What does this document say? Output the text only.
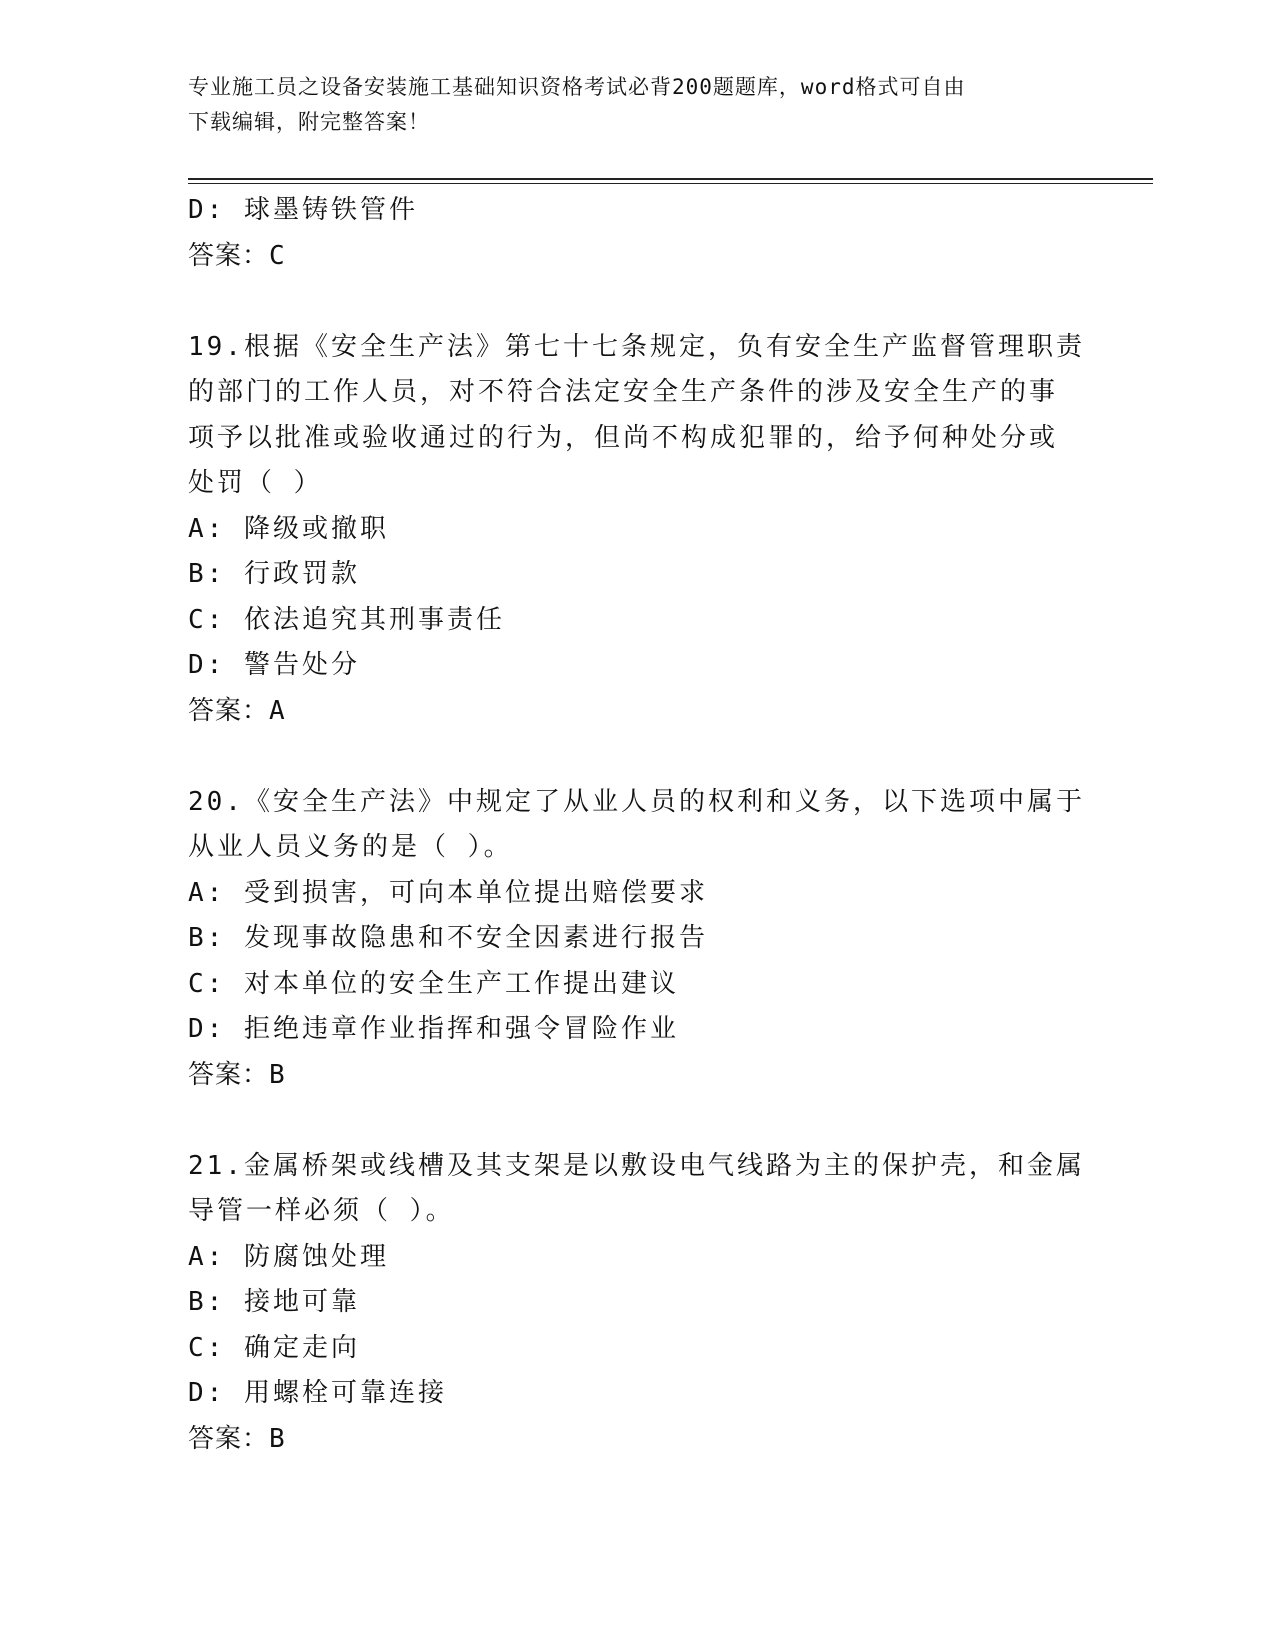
专业施工员之设备安装施工基础知识资格考试必背200题题库，word格式可自由
下载编辑，附完整答案！
D: 球墨铸铁管件
答案：C
19.根据《安全生产法》第七十七条规定，负有安全生产监督管理职责
的部门的工作人员，对不符合法定安全生产条件的涉及安全生产的事
项予以批准或验收通过的行为，但尚不构成犯罪的，给予何种处分或
处罚（ ）
A: 降级或撤职
B: 行政罚款
C: 依法追究其刑事责任
D: 警告处分
答案：A
20.《安全生产法》中规定了从业人员的权利和义务，以下选项中属于
从业人员义务的是（ ）。
A: 受到损害，可向本单位提出赔偿要求
B: 发现事故隐患和不安全因素进行报告
C: 对本单位的安全生产工作提出建议
D: 拒绝违章作业指挥和强令冒险作业
答案：B
21.金属桥架或线槽及其支架是以敷设电气线路为主的保护壳，和金属
导管一样必须（ ）。
A: 防腐蚀处理
B: 接地可靠
C: 确定走向
D: 用螺栓可靠连接
答案：B
